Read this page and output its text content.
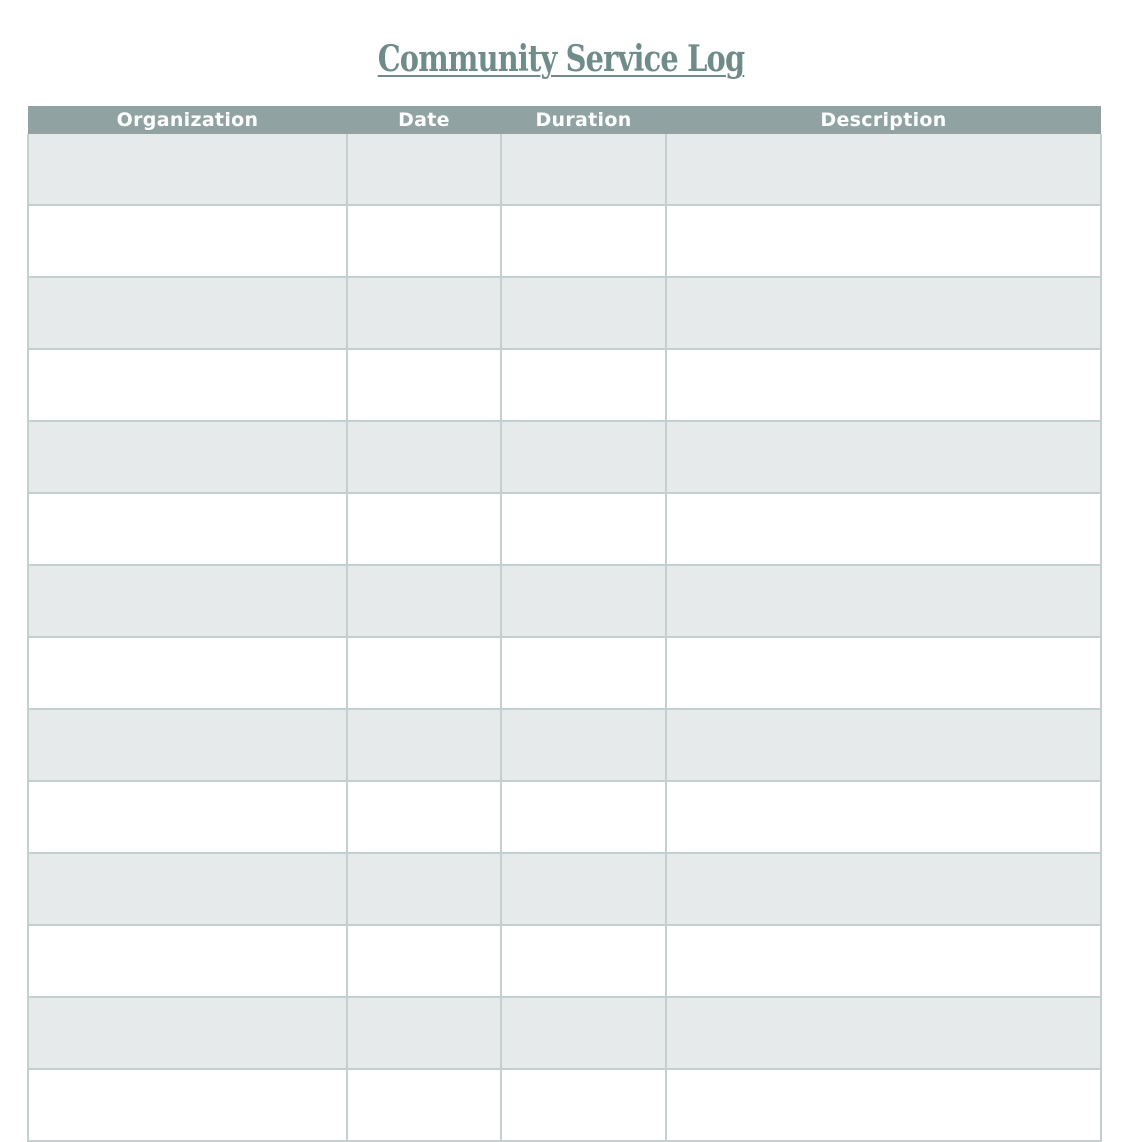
Community Service Log
Organization	Date	Duration	Description
